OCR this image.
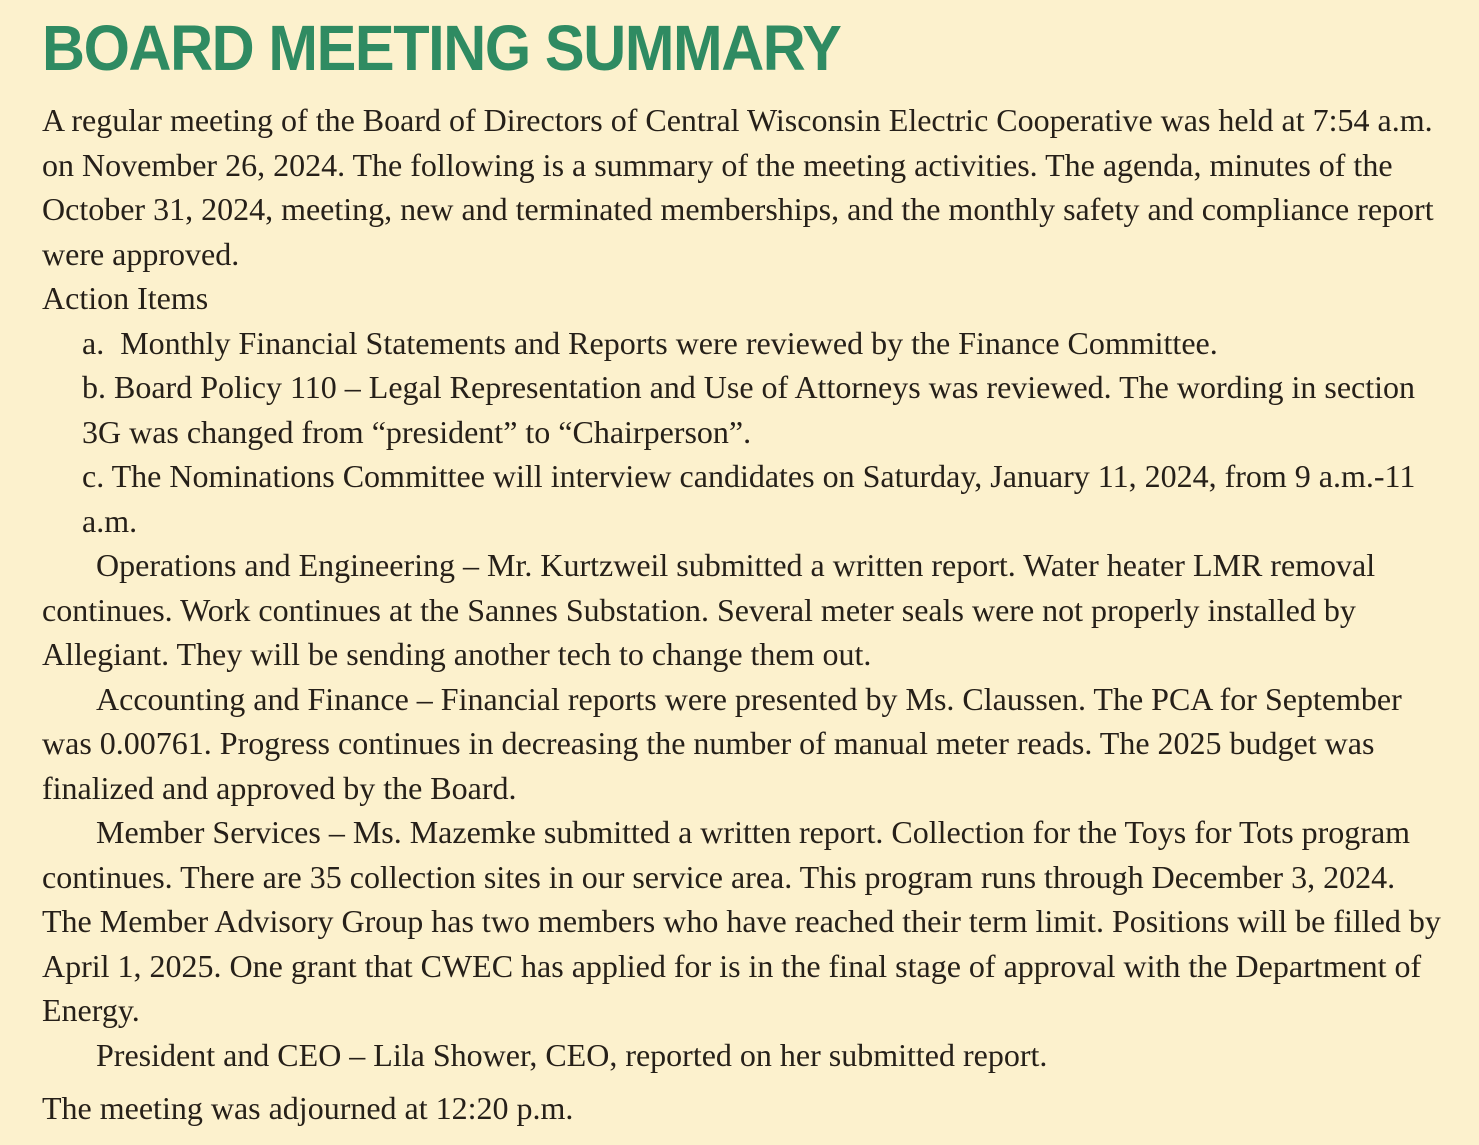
BOARD MEETING SUMMARY

A regular meeting of the Board of Directors of Central Wisconsin Electric Cooperative was held at 7:54 a.m. on November 26, 2024. The following is a summary of the meeting activities. The agenda, minutes of the October 31, 2024, meeting, new and terminated memberships, and the monthly safety and compliance report were approved.

Action Items

a.  Monthly Financial Statements and Reports were reviewed by the Finance Committee.

b. Board Policy 110 – Legal Representation and Use of Attorneys was reviewed. The wording in section 3G was changed from “president” to “Chairperson”.

c. The Nominations Committee will interview candidates on Saturday, January 11, 2024, from 9 a.m.-11 a.m.

Operations and Engineering – Mr. Kurtzweil submitted a written report. Water heater LMR removal continues. Work continues at the Sannes Substation. Several meter seals were not properly installed by Allegiant. They will be sending another tech to change them out.

Accounting and Finance – Financial reports were presented by Ms. Claussen. The PCA for September was 0.00761. Progress continues in decreasing the number of manual meter reads. The 2025 budget was finalized and approved by the Board.

Member Services – Ms. Mazemke submitted a written report. Collection for the Toys for Tots program continues. There are 35 collection sites in our service area. This program runs through December 3, 2024. The Member Advisory Group has two members who have reached their term limit. Positions will be filled by April 1, 2025. One grant that CWEC has applied for is in the final stage of approval with the Department of Energy.

President and CEO – Lila Shower, CEO, reported on her submitted report.

The meeting was adjourned at 12:20 p.m.
